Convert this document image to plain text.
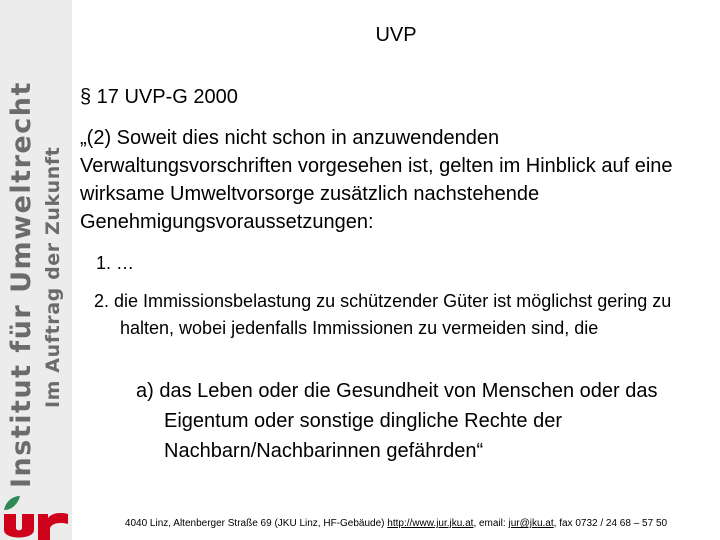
Institut für Umweltrecht Im Auftrag der Zukunft
UVP
§ 17 UVP-G 2000
„(2) Soweit dies nicht schon in anzuwendenden Verwaltungsvorschriften vorgesehen ist, gelten im Hinblick auf eine wirksame Umweltvorsorge zusätzlich nachstehende Genehmigungsvoraussetzungen:
1. …
2. die Immissionsbelastung zu schützender Güter ist möglichst gering zu halten, wobei jedenfalls Immissionen zu vermeiden sind, die
a) das Leben oder die Gesundheit von Menschen oder das Eigentum oder sonstige dingliche Rechte der Nachbarn/Nachbarinnen gefährden“
4040 Linz, Altenberger Straße 69 (JKU Linz, HF-Gebäude) http://www.jur.jku.at, email: jur@jku.at, fax 0732 / 24 68 – 57 50
